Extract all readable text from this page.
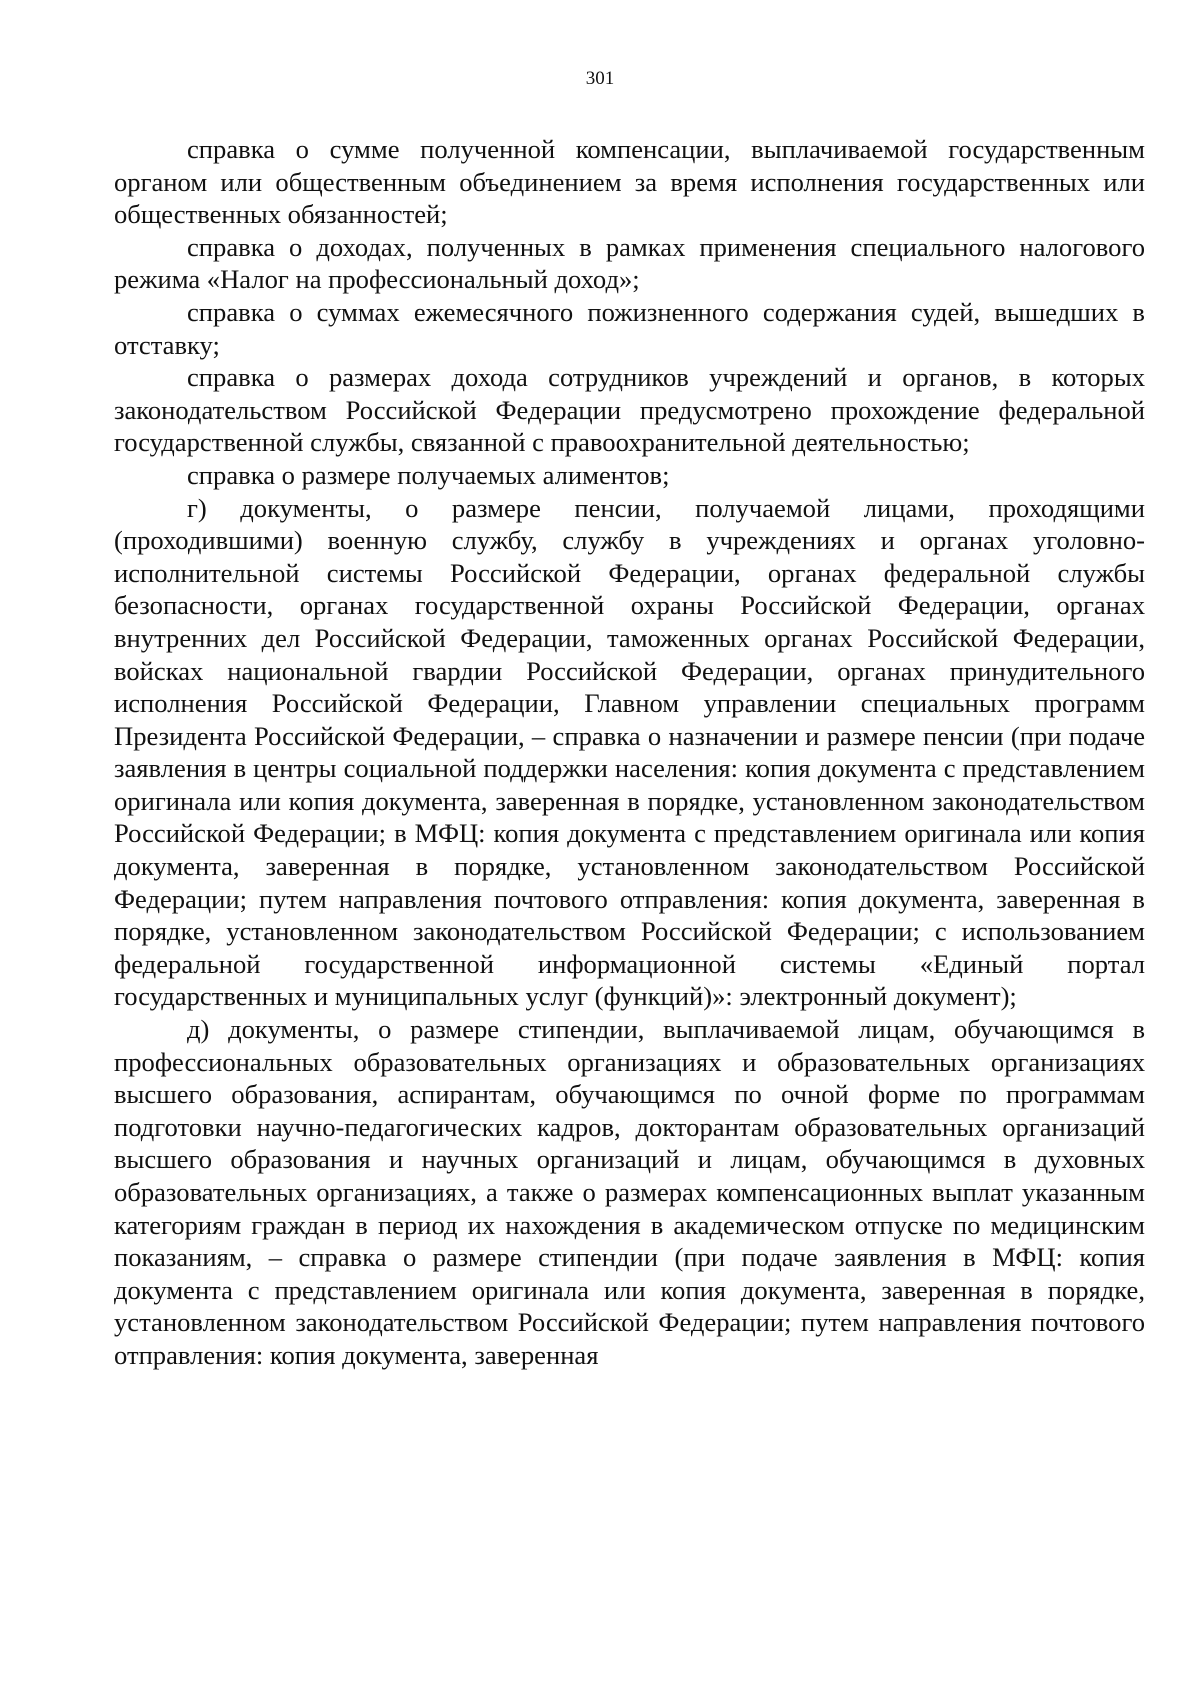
301

справка о сумме полученной компенсации, выплачиваемой государственным органом или общественным объединением за время исполнения государственных или общественных обязанностей;

справка о доходах, полученных в рамках применения специального налогового режима «Налог на профессиональный доход»;

справка о суммах ежемесячного пожизненного содержания судей, вышедших в отставку;

справка о размерах дохода сотрудников учреждений и органов, в которых законодательством Российской Федерации предусмотрено прохождение федеральной государственной службы, связанной с правоохранительной деятельностью;

справка о размере получаемых алиментов;

г) документы, о размере пенсии, получаемой лицами, проходящими (проходившими) военную службу, службу в учреждениях и органах уголовно-исполнительной системы Российской Федерации, органах федеральной службы безопасности, органах государственной охраны Российской Федерации, органах внутренних дел Российской Федерации, таможенных органах Российской Федерации, войсках национальной гвардии Российской Федерации, органах принудительного исполнения Российской Федерации, Главном управлении специальных программ Президента Российской Федерации, – справка о назначении и размере пенсии (при подаче заявления в центры социальной поддержки населения: копия документа с представлением оригинала или копия документа, заверенная в порядке, установленном законодательством Российской Федерации; в МФЦ: копия документа с представлением оригинала или копия документа, заверенная в порядке, установленном законодательством Российской Федерации; путем направления почтового отправления: копия документа, заверенная в порядке, установленном законодательством Российской Федерации; с использованием федеральной государственной информационной системы «Единый портал государственных и муниципальных услуг (функций)»: электронный документ);

д) документы, о размере стипендии, выплачиваемой лицам, обучающимся в профессиональных образовательных организациях и образовательных организациях высшего образования, аспирантам, обучающимся по очной форме по программам подготовки научно-педагогических кадров, докторантам образовательных организаций высшего образования и научных организаций и лицам, обучающимся в духовных образовательных организациях, а также о размерах компенсационных выплат указанным категориям граждан в период их нахождения в академическом отпуске по медицинским показаниям, – справка о размере стипендии (при подаче заявления в МФЦ: копия документа с представлением оригинала или копия документа, заверенная в порядке, установленном законодательством Российской Федерации; путем направления почтового отправления: копия документа, заверенная
